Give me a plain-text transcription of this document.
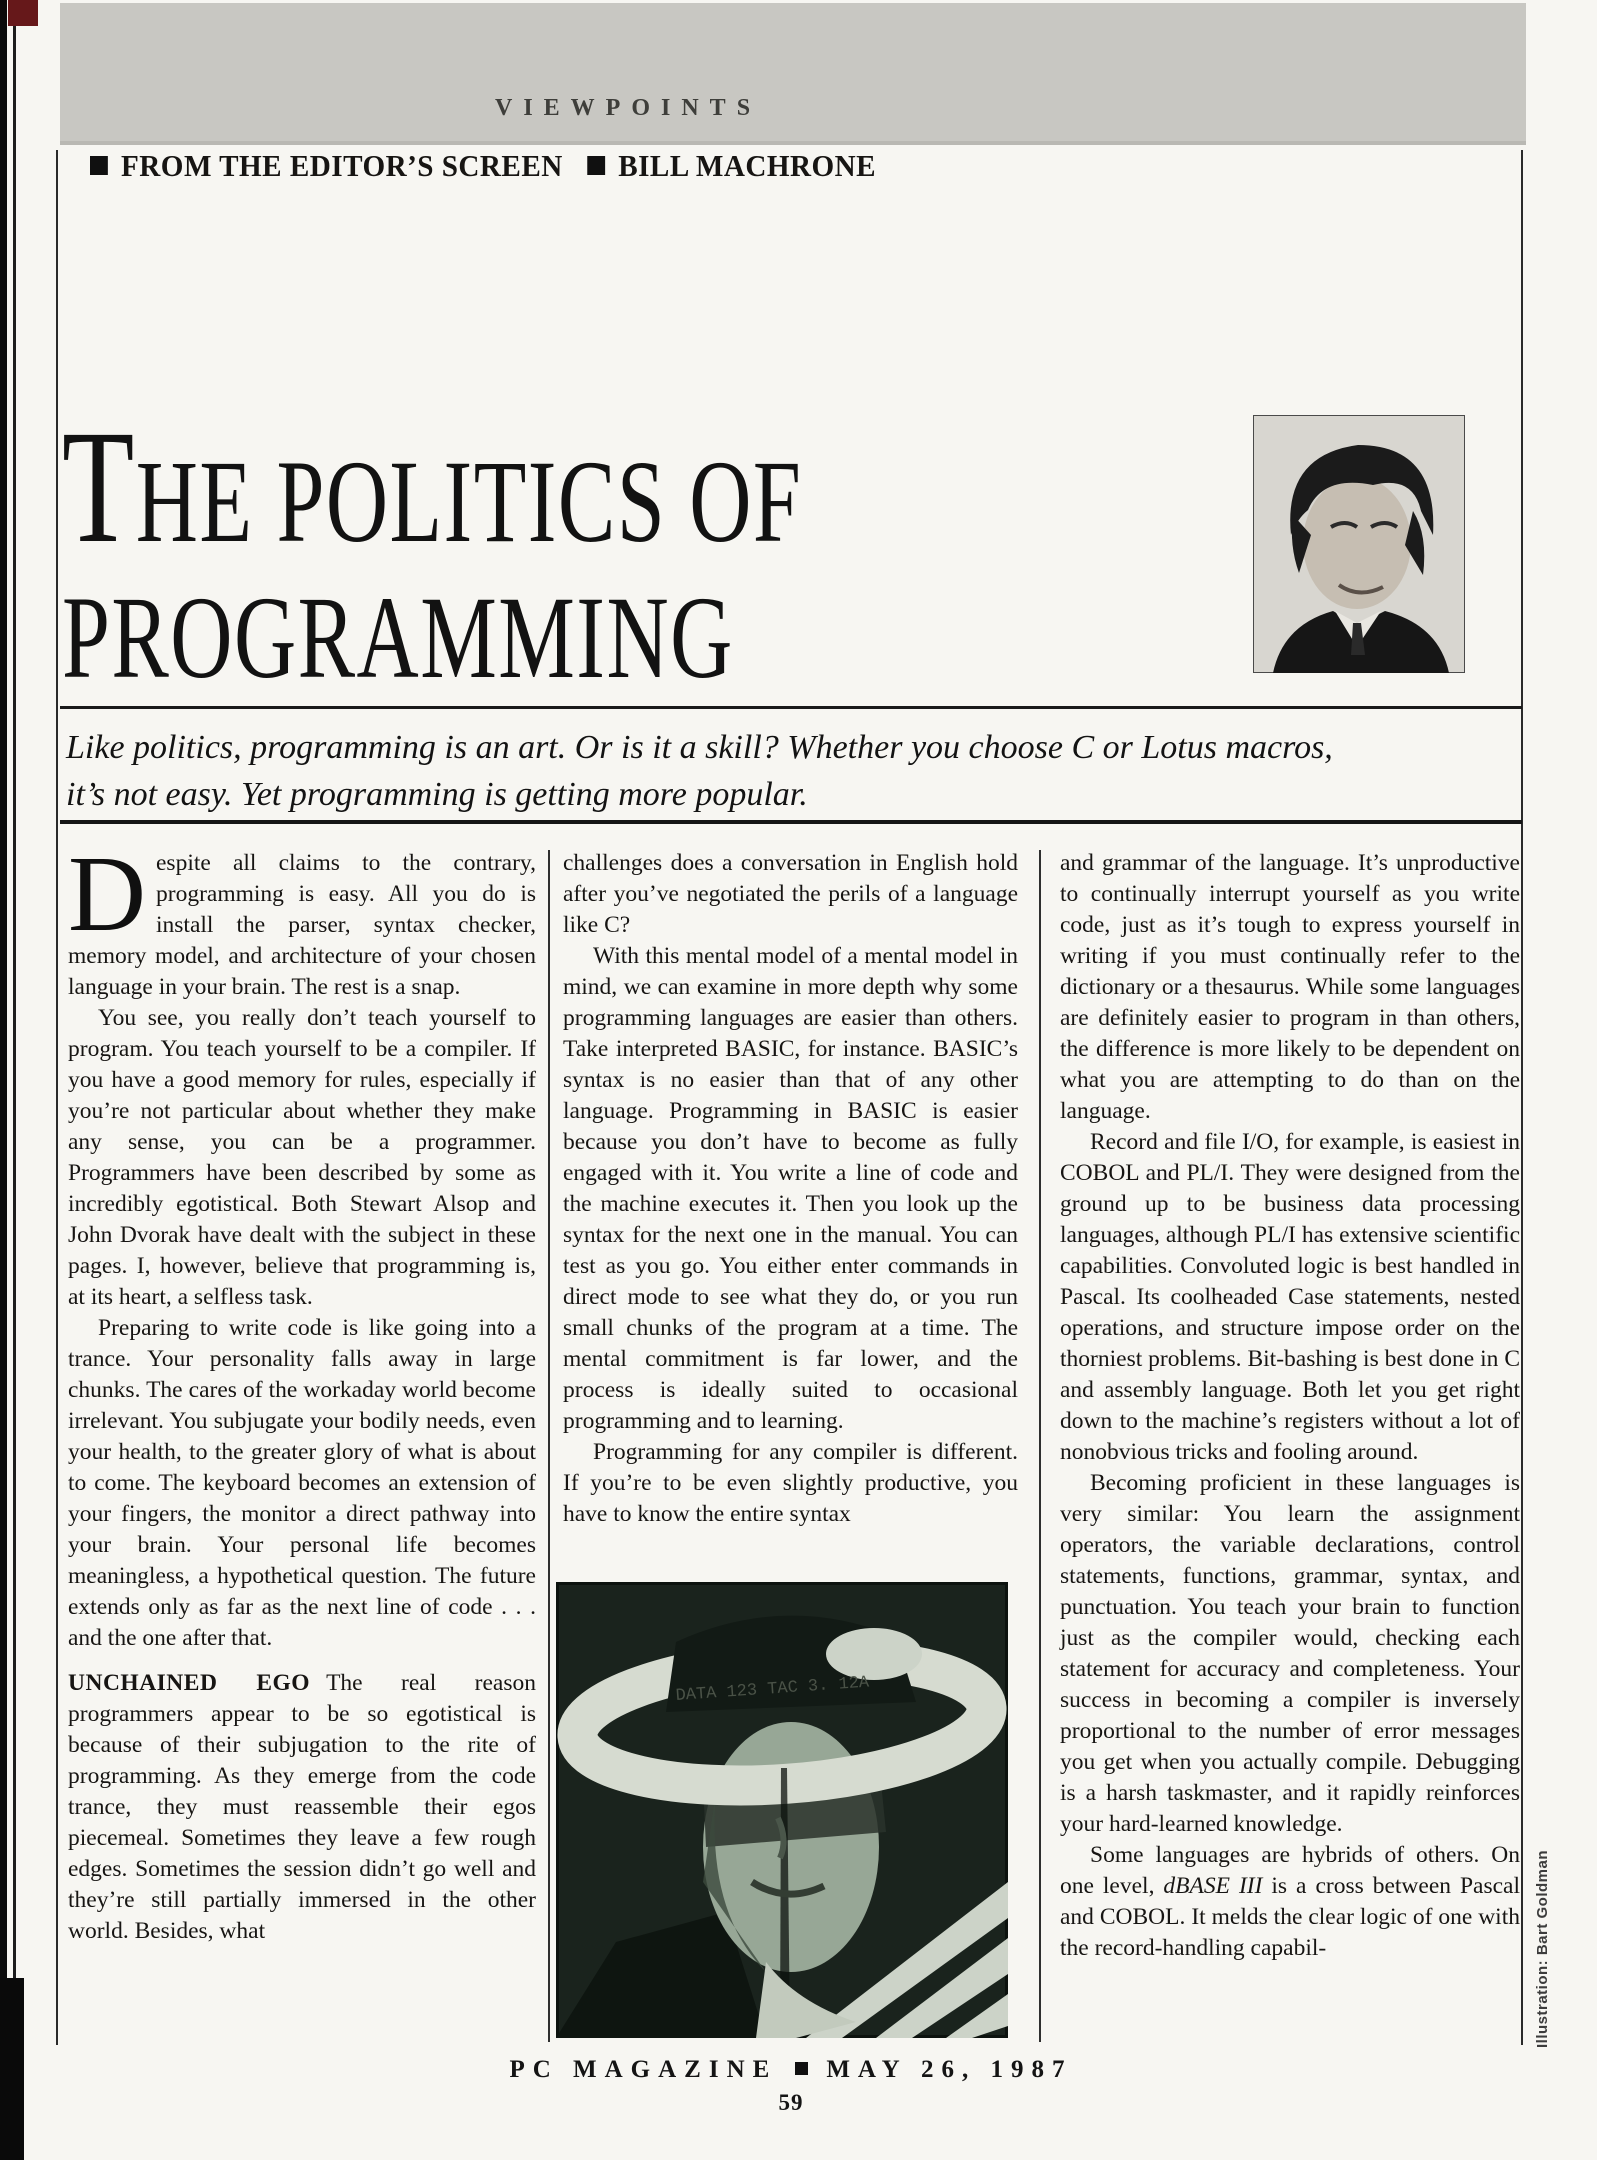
VIEWPOINTS
FROM THE EDITOR’S SCREEN BILL MACHRONE
THE POLITICS OF
PROGRAMMING
Like politics, programming is an art. Or is it a skill? Whether you choose C or Lotus macros,
it’s not easy. Yet programming is getting more popular.

Despite all claims to the contrary, programming is easy. All you do is install the parser, syntax checker, memory model, and architecture of your chosen language in your brain. The rest is a snap.

You see, you really don’t teach yourself to program. You teach yourself to be a compiler. If you have a good memory for rules, especially if you’re not particular about whether they make any sense, you can be a programmer. Programmers have been described by some as incredibly egotistical. Both Stewart Alsop and John Dvorak have dealt with the subject in these pages. I, however, believe that programming is, at its heart, a selfless task.

Preparing to write code is like going into a trance. Your personality falls away in large chunks. The cares of the workaday world become irrelevant. You subjugate your bodily needs, even your health, to the greater glory of what is about to come. The keyboard becomes an extension of your fingers, the monitor a direct pathway into your brain. Your personal life becomes meaningless, a hypothetical question. The future extends only as far as the next line of code . . . and the one after that.

UNCHAINED EGO The real reason programmers appear to be so egotistical is because of their subjugation to the rite of programming. As they emerge from the code trance, they must reassemble their egos piecemeal. Sometimes they leave a few rough edges. Sometimes the session didn’t go well and they’re still partially immersed in the other world. Besides, what

challenges does a conversation in English hold after you’ve negotiated the perils of a language like C?

With this mental model of a mental model in mind, we can examine in more depth why some programming languages are easier than others. Take interpreted BASIC, for instance. BASIC’s syntax is no easier than that of any other language. Programming in BASIC is easier because you don’t have to become as fully engaged with it. You write a line of code and the machine executes it. Then you look up the syntax for the next one in the manual. You can test as you go. You either enter commands in direct mode to see what they do, or you run small chunks of the program at a time. The mental commitment is far lower, and the process is ideally suited to occasional programming and to learning.

Programming for any compiler is different. If you’re to be even slightly productive, you have to know the entire syntax

DATA 123 TAC 3. 12A

and grammar of the language. It’s unproductive to continually interrupt yourself as you write code, just as it’s tough to express yourself in writing if you must continually refer to the dictionary or a thesaurus. While some languages are definitely easier to program in than others, the difference is more likely to be dependent on what you are attempting to do than on the language.

Record and file I/O, for example, is easiest in COBOL and PL/I. They were designed from the ground up to be business data processing languages, although PL/I has extensive scientific capabilities. Convoluted logic is best handled in Pascal. Its coolheaded Case statements, nested operations, and structure impose order on the thorniest problems. Bit-bashing is best done in C and assembly language. Both let you get right down to the machine’s registers without a lot of nonobvious tricks and fooling around.

Becoming proficient in these languages is very similar: You learn the assignment operators, the variable declarations, control statements, functions, grammar, syntax, and punctuation. You teach your brain to function just as the compiler would, checking each statement for accuracy and completeness. Your success in becoming a compiler is inversely proportional to the number of error messages you get when you actually compile. Debugging is a harsh taskmaster, and it rapidly reinforces your hard-learned knowledge.

Some languages are hybrids of others. On one level, dBASE III is a cross between Pascal and COBOL. It melds the clear logic of one with the record-handling capabil-

PC MAGAZINE MAY 26, 1987
59
Illustration: Bart Goldman
